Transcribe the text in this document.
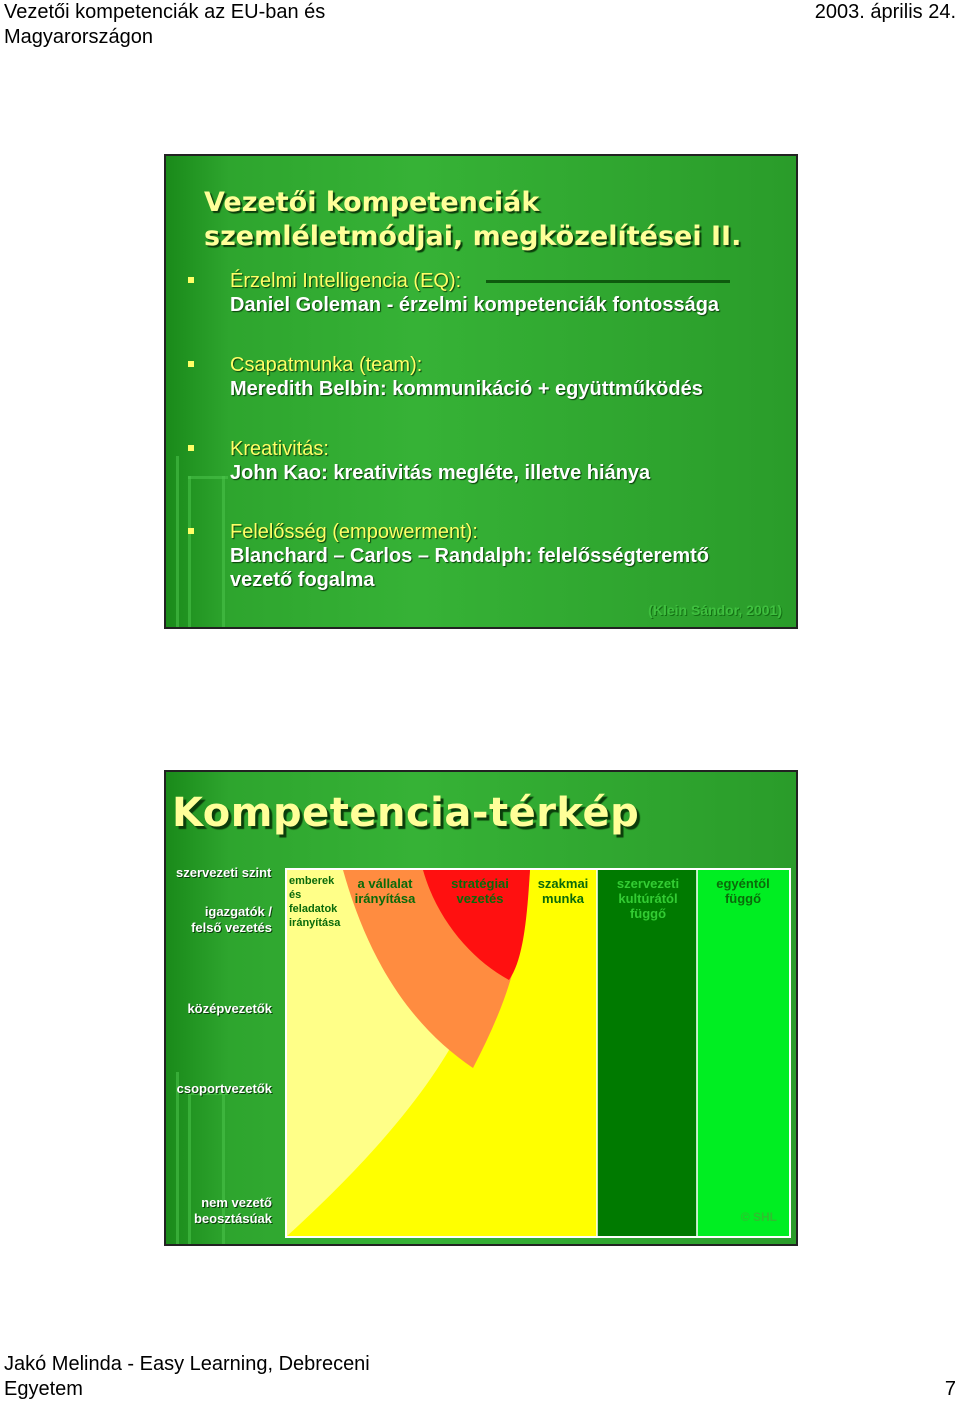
Vezetői kompetenciák az EU-ban és Magyarországon
2003. április 24.
Vezetői kompetenciák szemléletmódjai, megközelítései II.
Érzelmi Intelligencia (EQ):
Daniel Goleman - érzelmi kompetenciák fontossága
Csapatmunka (team):
Meredith Belbin: kommunikáció + együttműködés
Kreativitás:
John Kao: kreativitás megléte, illetve hiánya
Felelősség (empowerment):
Blanchard – Carlos – Randalph: felelősségteremtő vezető fogalma
(Klein Sándor, 2001)
Kompetencia-térkép
szervezeti szint
igazgatók / felső vezetés
középvezetők
csoportvezetők
nem vezető beosztásúak
emberek és feladatok irányítása
a vállalat irányítása
stratégiai vezetés
szakmai munka
szervezeti kultúrától függő
egyéntől függő
© SHL
Jakó Melinda - Easy Learning, Debreceni Egyetem	7
